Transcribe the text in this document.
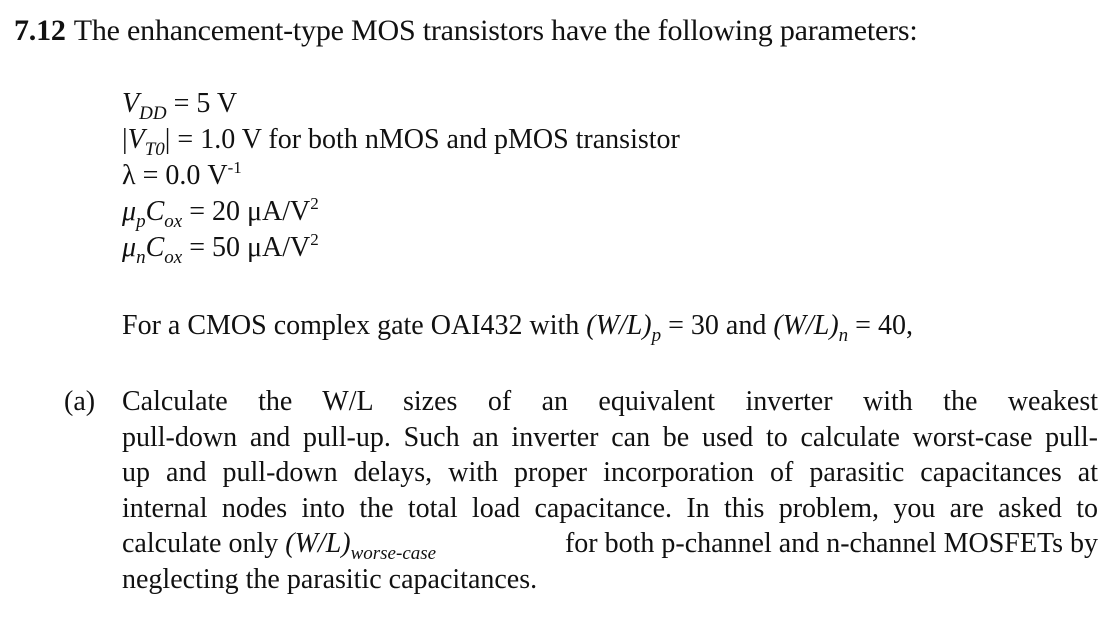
7.12 The enhancement-type MOS transistors have the following parameters:
$V_{DD} = 5$ V
$|V_{T0}| = 1.0$ V for both nMOS and pMOS transistor
λ = 0.0 $V^{-1}$
$\mu_pC_{ox} = 20$ $\mu A/V^2$
$\mu_nC_{ox} = 50$ $\mu A/V^2$
For a CMOS complex gate OAI432 with $(W/L)_p = 30$ and $(W/L)_n = 40$,
(a) Calculate the W/L sizes of an equivalent inverter with the weakest
pull-down and pull-up. Such an inverter can be used to calculate worst-case pull-
up and pull-down delays, with proper incorporation of parasitic capacitances at
internal nodes into the total load capacitance. In this problem, you are asked to
calculate only $(W/L)_{worse-case}$	for both p-channel and n-channel MOSFETs by
neglecting the parasitic capacitances.
